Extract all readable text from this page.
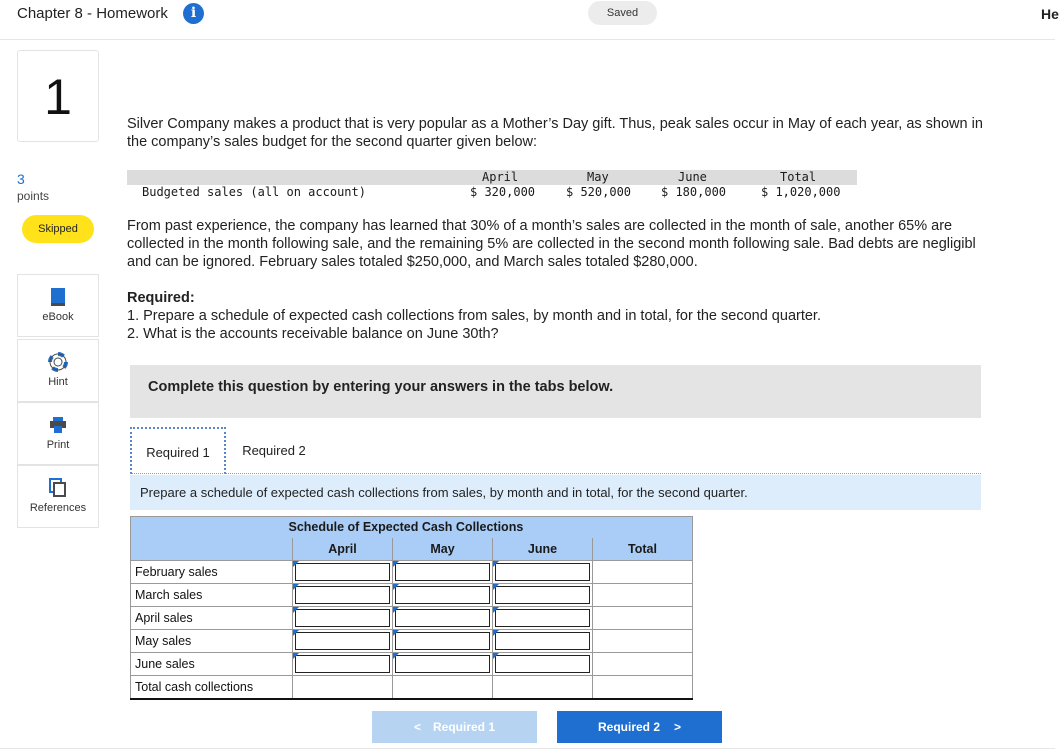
Chapter 8 - Homework	i	Saved	He
1
3
points
Skipped
eBook
Hint
Print
References
Silver Company makes a product that is very popular as a Mother’s Day gift. Thus, peak sales occur in May of each year, as shown in
the company’s sales budget for the second quarter given below:
April	May	June	Total
Budgeted sales (all on account)	$ 320,000	$ 520,000 $ 180,000	$ 1,020,000
From past experience, the company has learned that 30% of a month’s sales are collected in the month of sale, another 65% are
collected in the month following sale, and the remaining 5% are collected in the second month following sale. Bad debts are negligibl
and can be ignored. February sales totaled $250,000, and March sales totaled $280,000.
Required:
1. Prepare a schedule of expected cash collections from sales, by month and in total, for the second quarter.
2. What is the accounts receivable balance on June 30th?
Complete this question by entering your answers in the tabs below.
Required 1	Required 2
Prepare a schedule of expected cash collections from sales, by month and in total, for the second quarter.
	Schedule of Expected Cash Collections			
	April	May	June	Total
February sales	

March sales	

April sales	

May sales	

June sales	

Total cash collections				
< Required 1	Required 2 >
